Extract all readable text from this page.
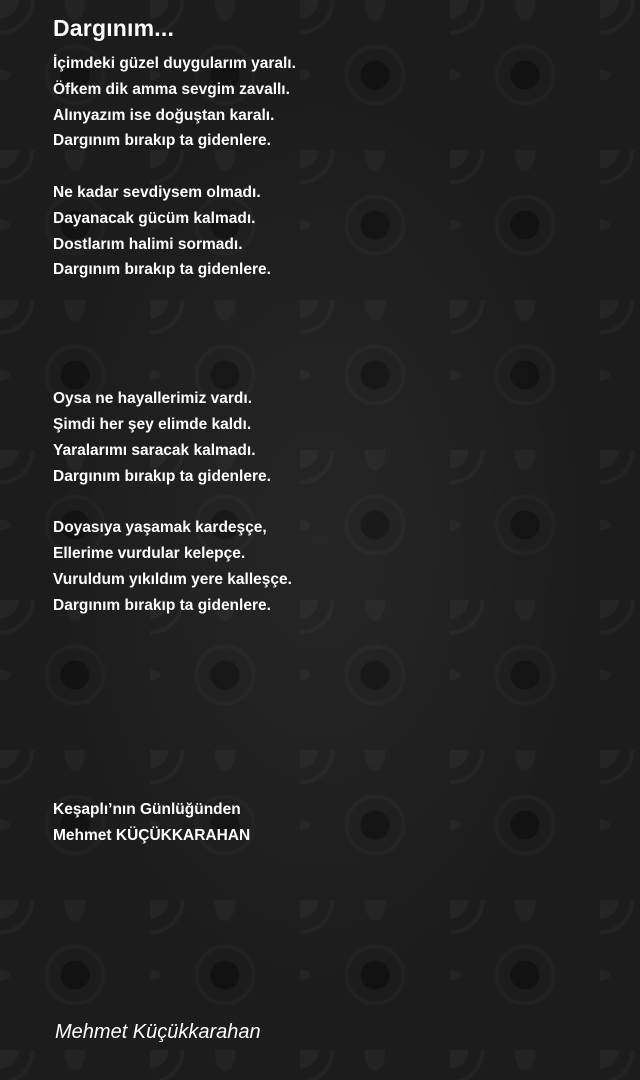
Dargınım...
İçimdeki güzel duygularım yaralı.
Öfkem dik amma sevgim zavallı.
Alınyazım ise doğuştan karalı.
Dargınım bırakıp ta gidenlere.
Ne kadar sevdiysem olmadı.
Dayanacak gücüm kalmadı.
Dostlarım halimi sormadı.
Dargınım bırakıp ta gidenlere.
Oysa ne hayallerimiz vardı.
Şimdi her şey elimde kaldı.
Yaralarımı saracak kalmadı.
Dargınım bırakıp ta gidenlere.
Doyasıya yaşamak kardeşçe,
Ellerime vurdular kelepçe.
Vuruldum yıkıldım yere kalleşçe.
Dargınım bırakıp ta gidenlere.
Keşaplı’nın Günlüğünden
Mehmet KÜÇÜKKARAHAN
Mehmet Küçükkarahan
